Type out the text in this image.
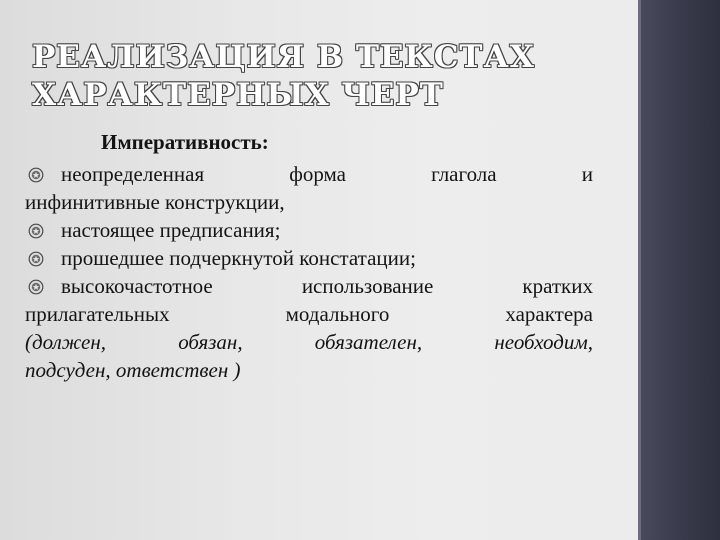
РЕАЛИЗАЦИЯ В ТЕКСТАХ
ХАРАКТЕРНЫХ ЧЕРТ

Императивность:

неопределенная форма глагола и
инфинитивные конструкции,
настоящее предписания;
прошедшее подчеркнутой констатации;
высокочастотное использование кратких
прилагательных модального характера
(должен, обязан, обязателен, необходим,
подсуден, ответствен )
